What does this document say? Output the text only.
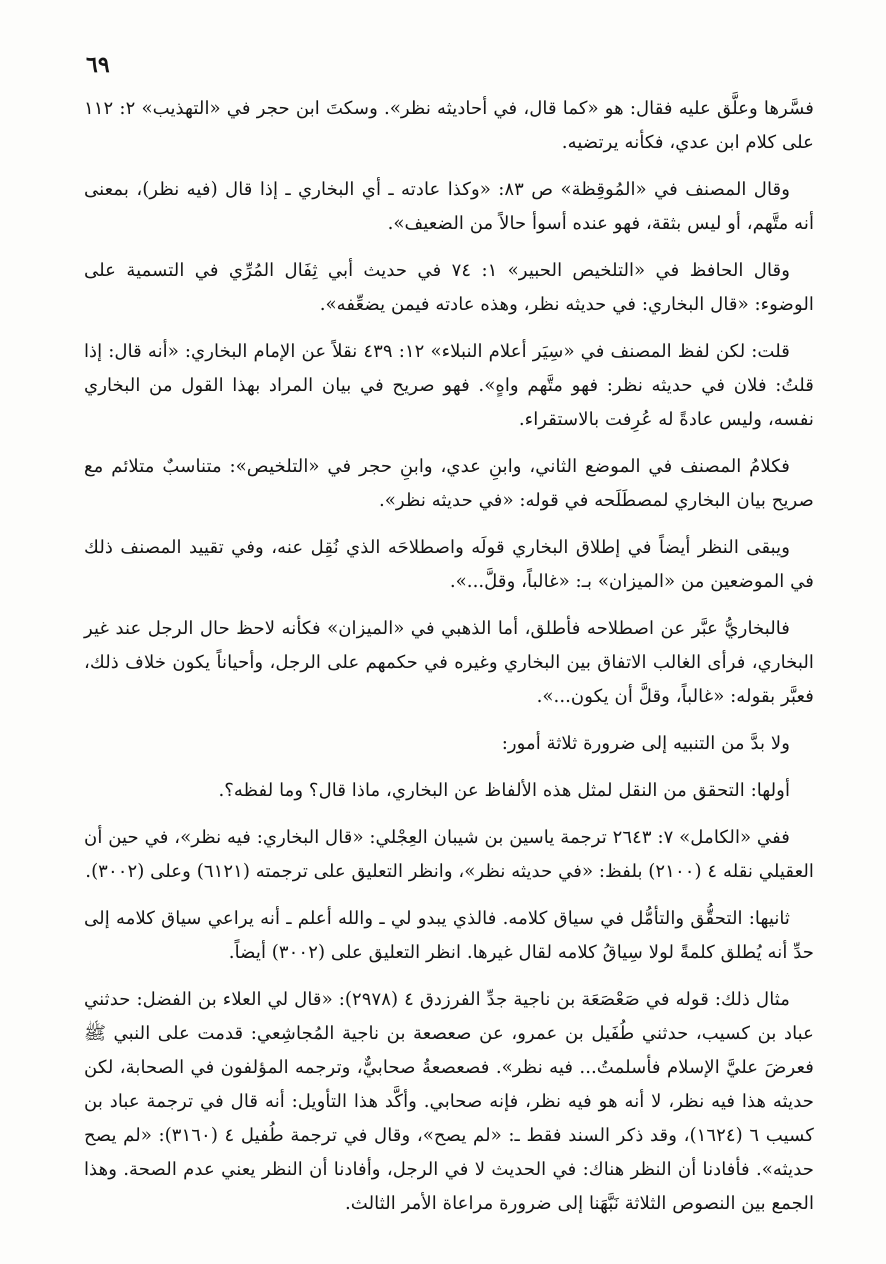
٦٩

فسَّرها وعلَّق عليه فقال: هو «كما قال، في أحاديثه نظر». وسكتَ ابن حجر في «التهذيب» ٢: ١١٢ على كلام ابن عدي، فكأنه يرتضيه.

وقال المصنف في «المُوقِظة» ص ٨٣: «وكذا عادته ـ أي البخاري ـ إذا قال (فيه نظر)، بمعنى أنه متَّهم، أو ليس بثقة، فهو عنده أسوأ حالاً من الضعيف».

وقال الحافظ في «التلخيص الحبير» ١: ٧٤ في حديث أبي ثِفَال المُرِّي في التسمية على الوضوء: «قال البخاري: في حديثه نظر، وهذه عادته فيمن يضعِّفه».

قلت: لكن لفظ المصنف في «سِيَر أعلام النبلاء» ١٢: ٤٣٩ نقلاً عن الإمام البخاري: «أنه قال: إذا قلتُ: فلان في حديثه نظر: فهو متَّهم واهٍ». فهو صريح في بيان المراد بهذا القول من البخاري نفسه، وليس عادةً له عُرِفت بالاستقراء.

فكلامُ المصنف في الموضع الثاني، وابنِ عدي، وابنِ حجر في «التلخيص»: متناسبٌ متلائم مع صريح بيان البخاري لمصطَلَحه في قوله: «في حديثه نظر».

ويبقى النظر أيضاً في إطلاق البخاري قولَه واصطلاحَه الذي نُقِل عنه، وفي تقييد المصنف ذلك في الموضعين من «الميزان» بـ: «غالباً، وقلَّ...».

فالبخاريُّ عبَّر عن اصطلاحه فأطلق، أما الذهبي في «الميزان» فكأنه لاحظ حال الرجل عند غير البخاري، فرأى الغالب الاتفاق بين البخاري وغيره في حكمهم على الرجل، وأحياناً يكون خلاف ذلك، فعبَّر بقوله: «غالباً، وقلَّ أن يكون...».

ولا بدَّ من التنبيه إلى ضرورة ثلاثة أمور:

أولها: التحقق من النقل لمثل هذه الألفاظ عن البخاري، ماذا قال؟ وما لفظه؟.

ففي «الكامل» ٧: ٢٦٤٣ ترجمة ياسين بن شيبان العِجْلي: «قال البخاري: فيه نظر»، في حين أن العقيلي نقله ٤ (٢١٠٠) بلفظ: «في حديثه نظر»، وانظر التعليق على ترجمته (٦١٢١) وعلى (٣٠٠٢).

ثانيها: التحقُّق والتأمُّل في سياق كلامه. فالذي يبدو لي ـ والله أعلم ـ أنه يراعي سياق كلامه إلى حدِّ أنه يُطلق كلمةً لولا سِياقُ كلامه لقال غيرها. انظر التعليق على (٣٠٠٢) أيضاً.

مثال ذلك: قوله في صَعْصَعَة بن ناجية جدِّ الفرزدق ٤ (٢٩٧٨): «قال لي العلاء بن الفضل: حدثني عباد بن كسيب، حدثني طُفَيل بن عمرو، عن صعصعة بن ناجية المُجاشِعي: قدمت على النبي ﷺ فعرضَ عليَّ الإسلام فأسلمتُ... فيه نظر». فصعصعةُ صحابيٌّ، وترجمه المؤلفون في الصحابة، لكن حديثه هذا فيه نظر، لا أنه هو فيه نظر، فإنه صحابي. وأكَّد هذا التأويل: أنه قال في ترجمة عباد بن كسيب ٦ (١٦٢٤)، وقد ذكر السند فقط ـ: «لم يصح»، وقال في ترجمة طُفيل ٤ (٣١٦٠): «لم يصح حديثه». فأفادنا أن النظر هناك: في الحديث لا في الرجل، وأفادنا أن النظر يعني عدم الصحة. وهذا الجمع بين النصوص الثلاثة نَبَّهَنا إلى ضرورة مراعاة الأمر الثالث.
